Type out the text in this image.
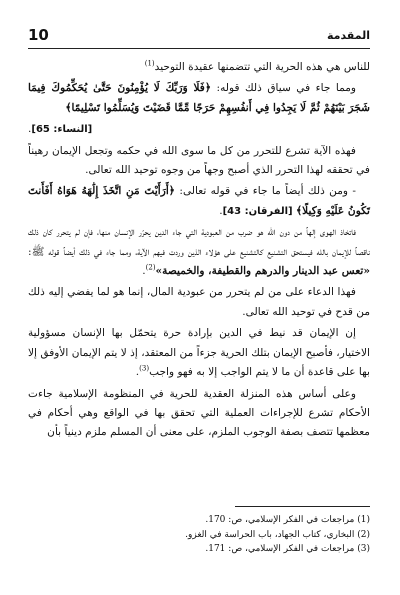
10	المقدمة

للناس هي هذه الحرية التي تتضمنها عقيدة التوحيد$^{(1)}$

ومما جاء في سياق ذلك قوله: ﴿فَلَا وَرَبِّكَ لَا يُؤْمِنُونَ حَتَّىٰ يُحَكِّمُوكَ فِيمَا شَجَرَ بَيْنَهُمْ ثُمَّ لَا يَجِدُوا فِي أَنفُسِهِمْ حَرَجًا مِّمَّا قَضَيْتَ وَيُسَلِّمُوا تَسْلِيمًا﴾

[النساء: 65].

فهذه الآية تشرع للتحرر من كل ما سوى الله في حكمه وتجعل الإيمان رهيناً في تحققه لهذا التحرر الذي أصبح وجهاً من وجوه توحيد الله تعالى.

- ومن ذلك أيضاً ما جاء في قوله تعالى: ﴿أَرَأَيْتَ مَنِ اتَّخَذَ إِلَٰهَهُ هَوَاهُ أَفَأَنتَ تَكُونُ عَلَيْهِ وَكِيلًا﴾ [الفرقان: 43].

فاتخاذ الهوى إلهاً من دون الله هو ضرب من العبودية التي جاء الدين يحرّر الإنسان منها، فإن لم يتحرر كان ذلك ناقصاً للإيمان بالله فيستحق التشنيع كالتشنيع على هؤلاء الذين وردت فيهم الآية، ومما جاء في ذلك أيضاً قوله ﷺ: «تعس عبد الدينار والدرهم والقطيفة، والخميصة»$^{(2)}$.

فهذا الدعاء على من لم يتحرر من عبودية المال، إنما هو لما يفضي إليه ذلك من قدح في توحيد الله تعالى.

إن الإيمان قد نيط في الدين بإرادة حرة يتحمّل بها الإنسان مسؤولية الاختيار، فأصبح الإيمان بتلك الحرية جزءاً من المعتقد، إذ لا يتم الإيمان الأوفق إلا بها على قاعدة أن ما لا يتم الواجب إلا به فهو واجب$^{(3)}$.

وعلى أساس هذه المنزلة العقدية للحرية في المنظومة الإسلامية جاءت الأحكام تشرع للإجراءات العملية التي تحقق بها في الواقع وهي أحكام في معظمها تتصف بصفة الوجوب الملزم، على معنى أن المسلم ملزم دينياً بأن

(1) مراجعات في الفكر الإسلامي، ص: 170.

(2) البخاري، كتاب الجهاد، باب الحراسة في الغزو.

(3) مراجعات في الفكر الإسلامي، ص: 171.
